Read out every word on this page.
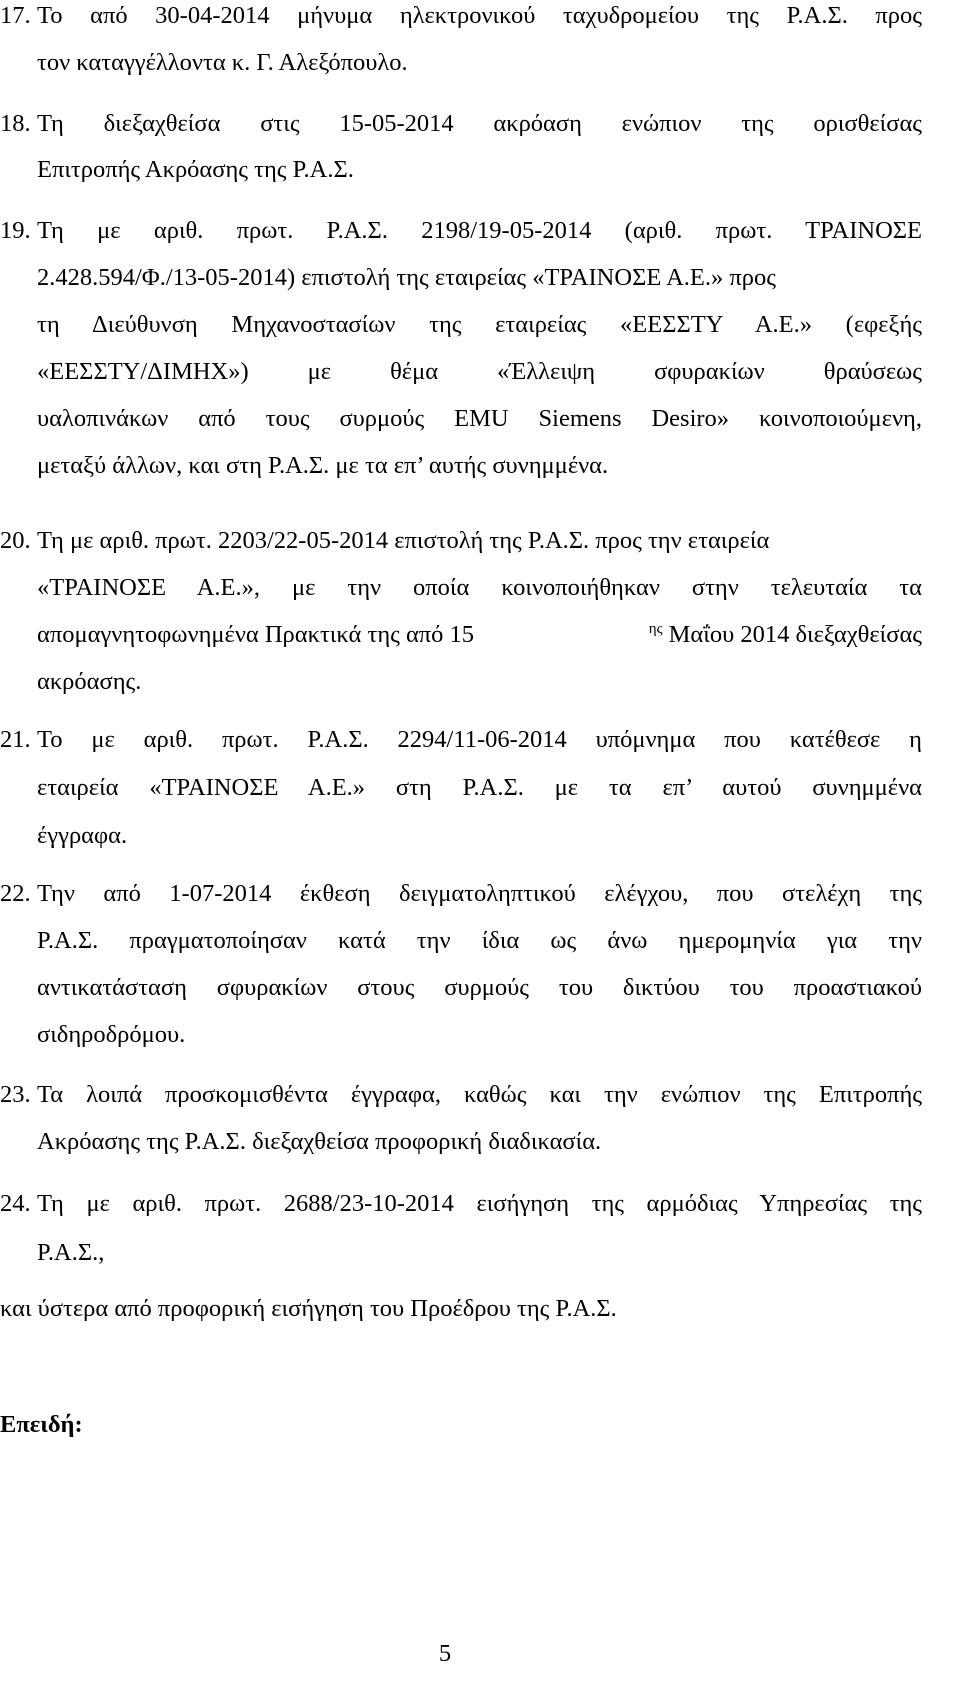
17. Το από 30-04-2014 μήνυμα ηλεκτρονικού ταχυδρομείου της Ρ.Α.Σ. προς
τον καταγγέλλοντα κ. Γ. Αλεξόπουλο.
18. Τη διεξαχθείσα στις 15-05-2014 ακρόαση ενώπιον της ορισθείσας
Επιτροπής Ακρόασης της Ρ.Α.Σ.
19. Τη με αριθ. πρωτ. Ρ.Α.Σ. 2198/19-05-2014 (αριθ. πρωτ. ΤΡΑΙΝΟΣΕ
2.428.594/Φ./13-05-2014) επιστολή της εταιρείας «ΤΡΑΙΝΟΣΕ Α.Ε.» προς
τη Διεύθυνση Μηχανοστασίων της εταιρείας «ΕΕΣΣΤΥ Α.Ε.» (εφεξής
«ΕΕΣΣΤΥ/ΔΙΜΗΧ») με θέμα «Έλλειψη σφυρακίων θραύσεως
υαλοπινάκων από τους συρμούς EMU Siemens Desiro» κοινοποιούμενη,
μεταξύ άλλων, και στη Ρ.Α.Σ. με τα επ’ αυτής συνημμένα.
20. Τη με αριθ. πρωτ. 2203/22-05-2014 επιστολή της Ρ.Α.Σ. προς την εταιρεία
«ΤΡΑΙΝΟΣΕ Α.Ε.», με την οποία κοινοποιήθηκαν στην τελευταία τα
απομαγνητοφωνημένα Πρακτικά της από 15	$^{\eta\varsigma}$ Μαΐου 2014 διεξαχθείσας
ακρόασης.
21. Το με αριθ. πρωτ. Ρ.Α.Σ. 2294/11-06-2014 υπόμνημα που κατέθεσε η
εταιρεία «ΤΡΑΙΝΟΣΕ Α.Ε.» στη Ρ.Α.Σ. με τα επ’ αυτού συνημμένα
έγγραφα.
22. Την από 1-07-2014 έκθεση δειγματοληπτικού ελέγχου, που στελέχη της
Ρ.Α.Σ. πραγματοποίησαν κατά την ίδια ως άνω ημερομηνία για την
αντικατάσταση σφυρακίων στους συρμούς του δικτύου του προαστιακού
σιδηροδρόμου.
23. Τα λοιπά προσκομισθέντα έγγραφα, καθώς και την ενώπιον της Επιτροπής
Ακρόασης της Ρ.Α.Σ. διεξαχθείσα προφορική διαδικασία.
24. Τη με αριθ. πρωτ. 2688/23-10-2014 εισήγηση της αρμόδιας Υπηρεσίας της
Ρ.Α.Σ.,
και ύστερα από προφορική εισήγηση του Προέδρου της Ρ.Α.Σ.
Επειδή:
5
